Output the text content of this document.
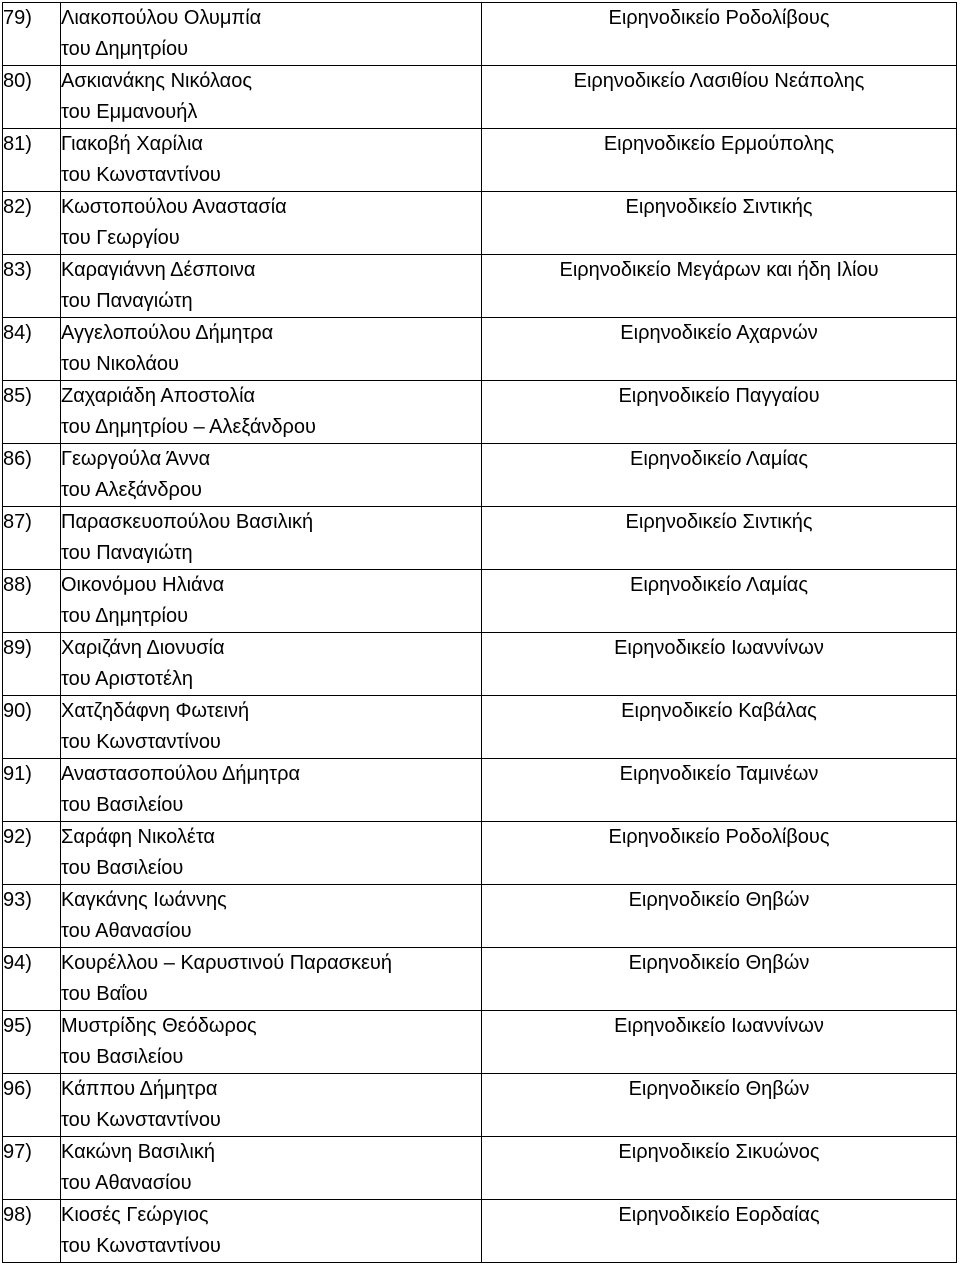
79)	Λιακοπούλου Ολυμπία
του Δημητρίου	Ειρηνοδικείο Ροδολίβους
80)	Ασκιανάκης Νικόλαος
του Εμμανουήλ	Ειρηνοδικείο Λασιθίου Νεάπολης
81)	Γιακοβή Χαρίλια
του Κωνσταντίνου	Ειρηνοδικείο Ερμούπολης
82)	Κωστοπούλου Αναστασία
του Γεωργίου	Ειρηνοδικείο Σιντικής
83)	Καραγιάννη Δέσποινα
του Παναγιώτη	Ειρηνοδικείο Μεγάρων και ήδη Ιλίου
84)	Αγγελοπούλου Δήμητρα
του Νικολάου	Ειρηνοδικείο Αχαρνών
85)	Ζαχαριάδη Αποστολία
του Δημητρίου – Αλεξάνδρου	Ειρηνοδικείο Παγγαίου
86)	Γεωργούλα Άννα
του Αλεξάνδρου	Ειρηνοδικείο Λαμίας
87)	Παρασκευοπούλου Βασιλική
του Παναγιώτη	Ειρηνοδικείο Σιντικής
88)	Οικονόμου Ηλιάνα
του Δημητρίου	Ειρηνοδικείο Λαμίας
89)	Χαριζάνη Διονυσία
του Αριστοτέλη	Ειρηνοδικείο Ιωαννίνων
90)	Χατζηδάφνη Φωτεινή
του Κωνσταντίνου	Ειρηνοδικείο Καβάλας
91)	Αναστασοπούλου Δήμητρα
του Βασιλείου	Ειρηνοδικείο Ταμινέων
92)	Σαράφη Νικολέτα
του Βασιλείου	Ειρηνοδικείο Ροδολίβους
93)	Καγκάνης Ιωάννης
του Αθανασίου	Ειρηνοδικείο Θηβών
94)	Κουρέλλου – Καρυστινού Παρασκευή
του Βαΐου	Ειρηνοδικείο Θηβών
95)	Μυστρίδης Θεόδωρος
του Βασιλείου	Ειρηνοδικείο Ιωαννίνων
96)	Κάππου Δήμητρα
του Κωνσταντίνου	Ειρηνοδικείο Θηβών
97)	Κακώνη Βασιλική
του Αθανασίου	Ειρηνοδικείο Σικυώνος
98)	Κιοσές Γεώργιος
του Κωνσταντίνου	Ειρηνοδικείο Εορδαίας
